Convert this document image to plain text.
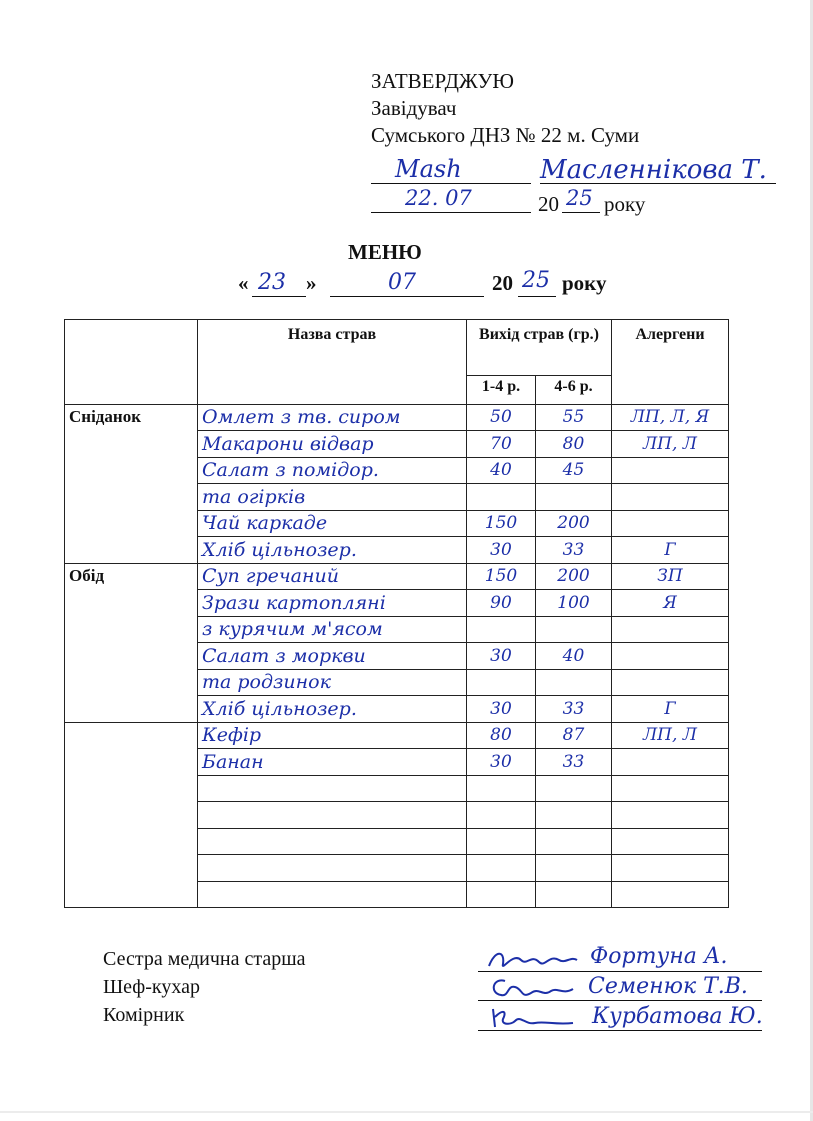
ЗАТВЕРДЖУЮ
Завідувач
Сумського ДНЗ № 22 м. Суми
Mash	Масленнікова Т.
22. 07	20 25 року
МЕНЮ
« 23 »	07	20 25 року
	Назва страв	Вихід страв (гр.)		Алергени
		1-4 р.	4-6 р.	
Сніданок	Омлет з тв. сиром	50	55	ЛП, Л, Я
	Макарони відвар	70	80	ЛП, Л
	Салат з помідор.	40	45	
	та огірків			
	Чай каркаде	150	200	
	Хліб цільнозер.	30	33	Г
Обід	Суп гречаний	150	200	ЗП
	Зрази картопляні	90	100	Я
	з курячим м'ясом			
	Салат з моркви	30	40	
	та родзинок			
	Хліб цільнозер.	30	33	Г
	Кефір	80	87	ЛП, Л
	Банан	30	33	

Сестра медична старша
Шеф-кухар
Комірник
Фортуна А.
Семенюк Т.В.
Курбатова Ю.
